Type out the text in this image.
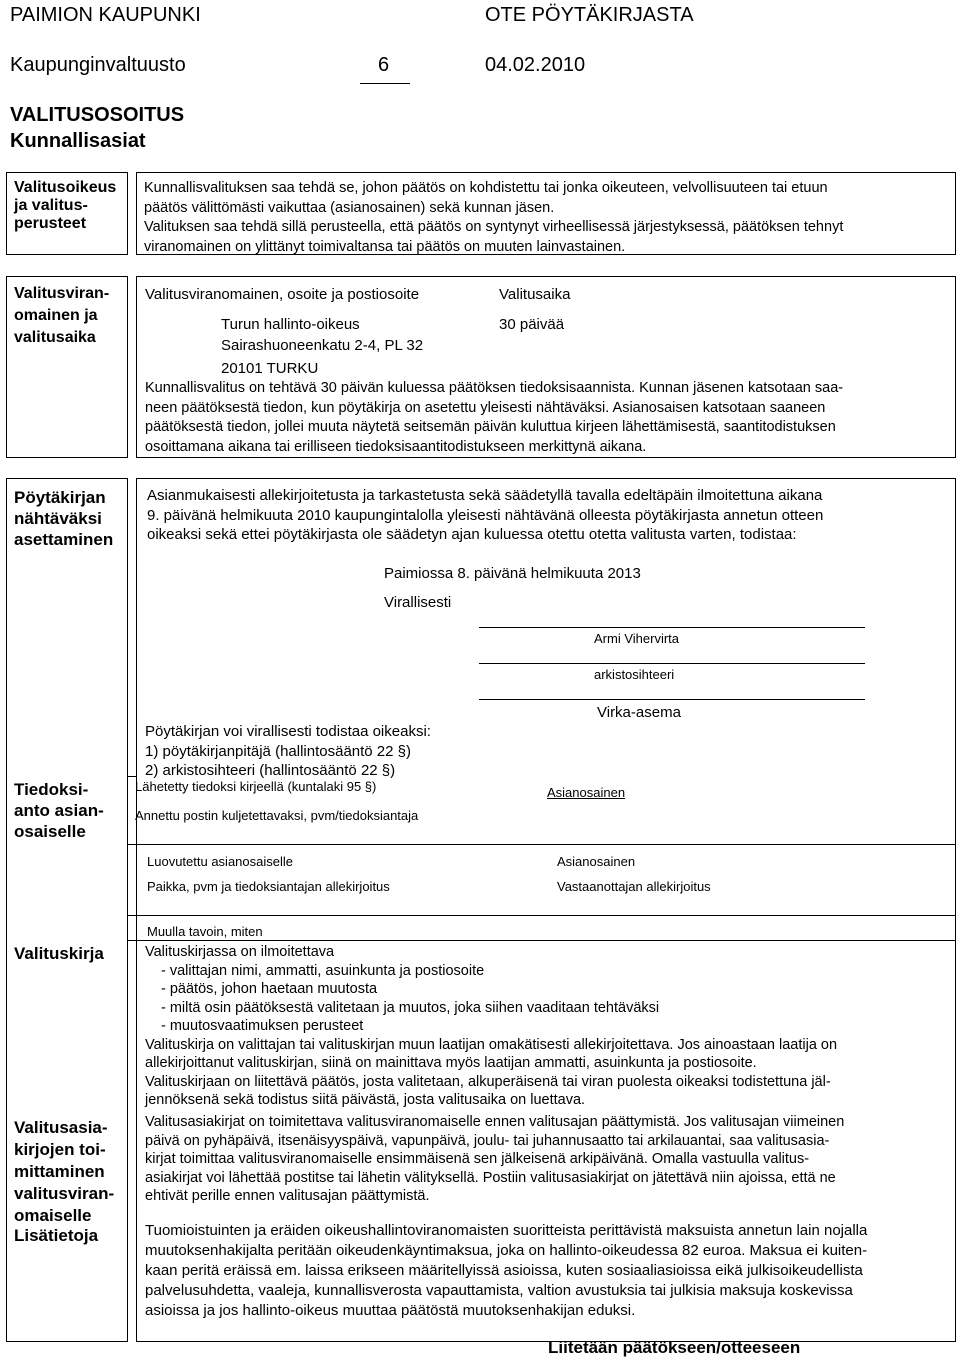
PAIMION KAUPUNKI	OTE PÖYTÄKIRJASTA
Kaupunginvaltuusto	6	04.02.2010
VALITUSOSOITUS
Kunnallisasiat
Valitusoikeus
ja valitus-
perusteet
Kunnallisvalituksen saa tehdä se, johon päätös on kohdistettu tai jonka oikeuteen, velvollisuuteen tai etuun
päätös välittömästi vaikuttaa (asianosainen) sekä kunnan jäsen.
Valituksen saa tehdä sillä perusteella, että päätös on syntynyt virheellisessä järjestyksessä, päätöksen tehnyt
viranomainen on ylittänyt toimivaltansa tai päätös on muuten lainvastainen.
Valitusviran-
omainen ja
valitusaika
Valitusviranomainen, osoite ja postiosoite	Valitusaika
Turun hallinto-oikeus	30 päivää
Sairashuoneenkatu 2-4, PL 32
20101 TURKU
Kunnallisvalitus on tehtävä 30 päivän kuluessa päätöksen tiedoksisaannista. Kunnan jäsenen katsotaan saa-
neen päätöksestä tiedon, kun pöytäkirja on asetettu yleisesti nähtäväksi. Asianosaisen katsotaan saaneen
päätöksestä tiedon, jollei muuta näytetä seitsemän päivän kuluttua kirjeen lähettämisestä, saantitodistuksen
osoittamana aikana tai erilliseen tiedoksisaantitodistukseen merkittynä aikana.
Pöytäkirjan
nähtäväksi
asettaminen
Tiedoksi-
anto asian-
osaiselle
Valituskirja
Valitusasia-
kirjojen toi-
mittaminen
valitusviran-
omaiselle
Lisätietoja
Asianmukaisesti allekirjoitetusta ja tarkastetusta sekä säädetyllä tavalla edeltäpäin ilmoitettuna aikana
9. päivänä helmikuuta 2010 kaupungintalolla yleisesti nähtävänä olleesta pöytäkirjasta annetun otteen
oikeaksi sekä ettei pöytäkirjasta ole säädetyn ajan kuluessa otettu otetta valitusta varten, todistaa:
Paimiossa 8. päivänä helmikuuta 2013
Virallisesti
Armi Vihervirta
arkistosihteeri
Virka-asema
Pöytäkirjan voi virallisesti todistaa oikeaksi:
1) pöytäkirjanpitäjä (hallintosääntö 22 §)
2) arkistosihteeri (hallintosääntö 22 §)
Lähetetty tiedoksi kirjeellä (kuntalaki 95 §)	Asianosainen
Annettu postin kuljetettavaksi, pvm/tiedoksiantaja
Luovutettu asianosaiselle	Asianosainen
Paikka, pvm ja tiedoksiantajan allekirjoitus	Vastaanottajan allekirjoitus
Muulla tavoin, miten
Valituskirjassa on ilmoitettava
- valittajan nimi, ammatti, asuinkunta ja postiosoite
- päätös, johon haetaan muutosta
- miltä osin päätöksestä valitetaan ja muutos, joka siihen vaaditaan tehtäväksi
- muutosvaatimuksen perusteet
Valituskirja on valittajan tai valituskirjan muun laatijan omakätisesti allekirjoitettava. Jos ainoastaan laatija on
allekirjoittanut valituskirjan, siinä on mainittava myös laatijan ammatti, asuinkunta ja postiosoite.
Valituskirjaan on liitettävä päätös, josta valitetaan, alkuperäisenä tai viran puolesta oikeaksi todistettuna jäl-
jennöksenä sekä todistus siitä päivästä, josta valitusaika on luettava.
Valitusasiakirjat on toimitettava valitusviranomaiselle ennen valitusajan päättymistä. Jos valitusajan viimeinen
päivä on pyhäpäivä, itsenäisyyspäivä, vapunpäivä, joulu- tai juhannusaatto tai arkilauantai, saa valitusasia-
kirjat toimittaa valitusviranomaiselle ensimmäisenä sen jälkeisenä arkipäivänä. Omalla vastuulla valitus-
asiakirjat voi lähettää postitse tai lähetin välityksellä. Postiin valitusasiakirjat on jätettävä niin ajoissa, että ne
ehtivät perille ennen valitusajan päättymistä.
Tuomioistuinten ja eräiden oikeushallintoviranomaisten suoritteista perittävistä maksuista annetun lain nojalla
muutoksenhakijalta peritään oikeudenkäyntimaksua, joka on hallinto-oikeudessa 82 euroa. Maksua ei kuiten-
kaan peritä eräissä em. laissa erikseen määritellyissä asioissa, kuten sosiaaliasioissa eikä julkisoikeudellista
palvelusuhdetta, vaaleja, kunnallisverosta vapauttamista, valtion avustuksia tai julkisia maksuja koskevissa
asioissa ja jos hallinto-oikeus muuttaa päätöstä muutoksenhakijan eduksi.
Liitetään päätökseen/otteeseen
